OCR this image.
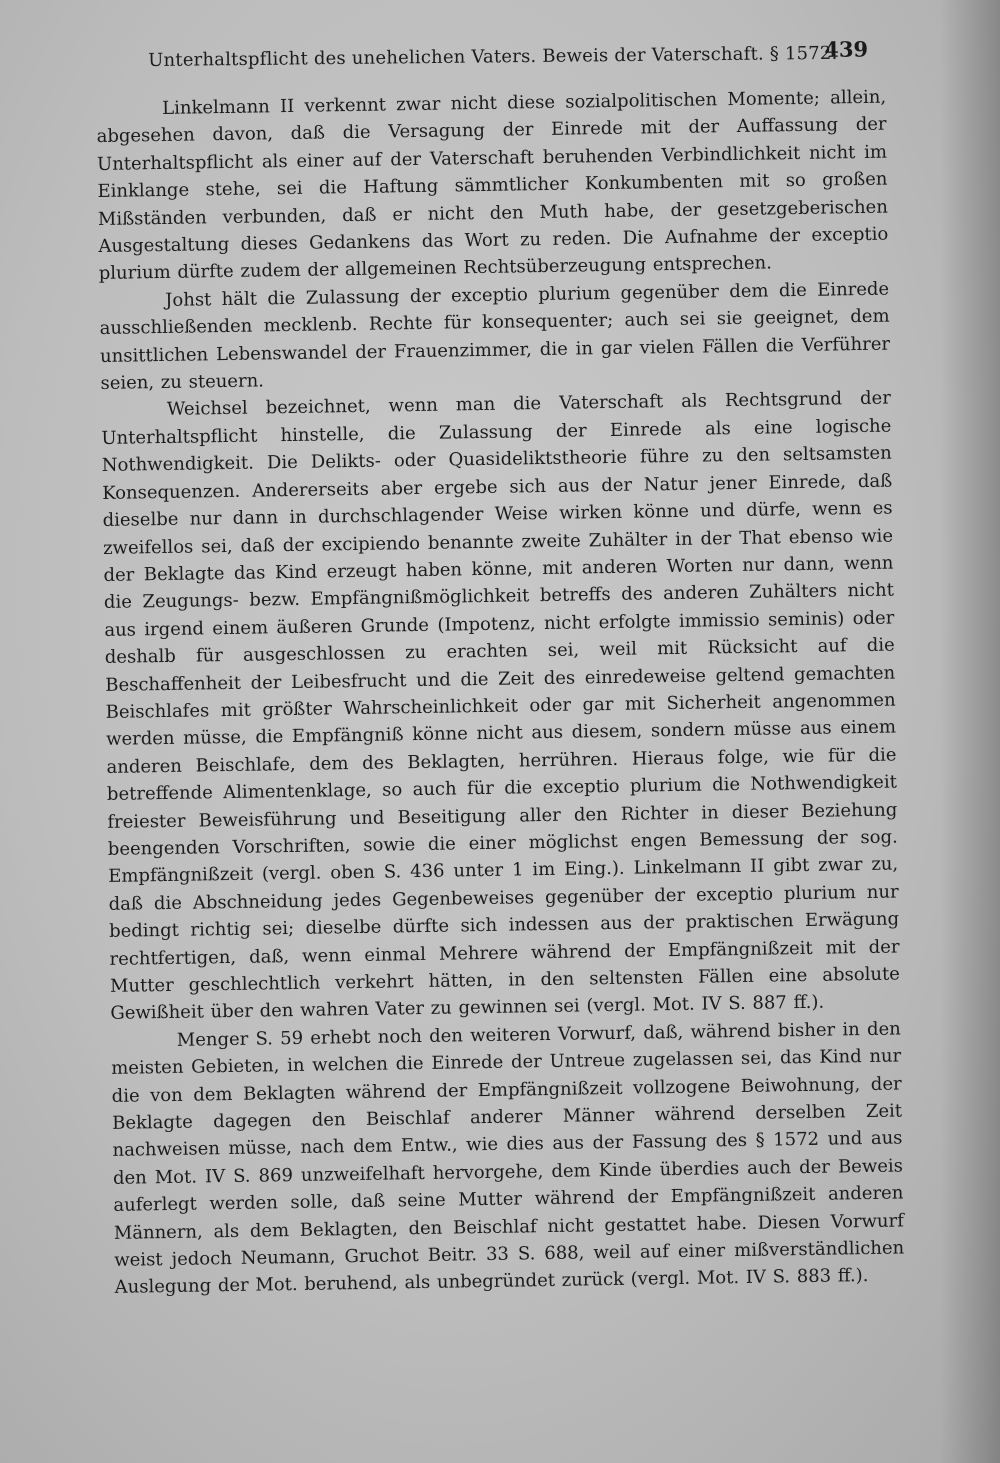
Unterhaltspflicht des unehelichen Vaters. Beweis der Vaterschaft. § 1572.
439

Linkelmann II verkennt zwar nicht diese sozialpolitischen Momente; allein, abgesehen davon, daß die Versagung der Einrede mit der Auffassung der Unterhaltspflicht als einer auf der Vaterschaft beruhenden Verbindlichkeit nicht im Einklange stehe, sei die Haftung sämmtlicher Konkumbenten mit so großen Mißständen verbunden, daß er nicht den Muth habe, der gesetzgeberischen Ausgestaltung dieses Gedankens das Wort zu reden. Die Aufnahme der exceptio plurium dürfte zudem der allgemeinen Rechtsüberzeugung entsprechen.

Johst hält die Zulassung der exceptio plurium gegenüber dem die Einrede ausschließenden mecklenb. Rechte für konsequenter; auch sei sie geeignet, dem unsittlichen Lebenswandel der Frauenzimmer, die in gar vielen Fällen die Verführer seien, zu steuern.

Weichsel bezeichnet, wenn man die Vaterschaft als Rechtsgrund der Unterhaltspflicht hinstelle, die Zulassung der Einrede als eine logische Nothwendigkeit. Die Delikts- oder Quasideliktstheorie führe zu den seltsamsten Konsequenzen. Andererseits aber ergebe sich aus der Natur jener Einrede, daß dieselbe nur dann in durchschlagender Weise wirken könne und dürfe, wenn es zweifellos sei, daß der excipiendo benannte zweite Zuhälter in der That ebenso wie der Beklagte das Kind erzeugt haben könne, mit anderen Worten nur dann, wenn die Zeugungs- bezw. Empfängnißmöglichkeit betreffs des anderen Zuhälters nicht aus irgend einem äußeren Grunde (Impotenz, nicht erfolgte immissio seminis) oder deshalb für ausgeschlossen zu erachten sei, weil mit Rücksicht auf die Beschaffenheit der Leibesfrucht und die Zeit des einredeweise geltend gemachten Beischlafes mit größter Wahrscheinlichkeit oder gar mit Sicherheit angenommen werden müsse, die Empfängniß könne nicht aus diesem, sondern müsse aus einem anderen Beischlafe, dem des Beklagten, herrühren. Hieraus folge, wie für die betreffende Alimentenklage, so auch für die exceptio plurium die Nothwendigkeit freiester Beweisführung und Beseitigung aller den Richter in dieser Beziehung beengenden Vorschriften, sowie die einer möglichst engen Bemessung der sog. Empfängnißzeit (vergl. oben S. 436 unter 1 im Eing.). Linkelmann II gibt zwar zu, daß die Abschneidung jedes Gegenbeweises gegenüber der exceptio plurium nur bedingt richtig sei; dieselbe dürfte sich indessen aus der praktischen Erwägung rechtfertigen, daß, wenn einmal Mehrere während der Empfängnißzeit mit der Mutter geschlechtlich verkehrt hätten, in den seltensten Fällen eine absolute Gewißheit über den wahren Vater zu gewinnen sei (vergl. Mot. IV S. 887 ff.).

Menger S. 59 erhebt noch den weiteren Vorwurf, daß, während bisher in den meisten Gebieten, in welchen die Einrede der Untreue zugelassen sei, das Kind nur die von dem Beklagten während der Empfängnißzeit vollzogene Beiwohnung, der Beklagte dagegen den Beischlaf anderer Männer während derselben Zeit nachweisen müsse, nach dem Entw., wie dies aus der Fassung des § 1572 und aus den Mot. IV S. 869 unzweifelhaft hervorgehe, dem Kinde überdies auch der Beweis auferlegt werden solle, daß seine Mutter während der Empfängnißzeit anderen Männern, als dem Beklagten, den Beischlaf nicht gestattet habe. Diesen Vorwurf weist jedoch Neumann, Gruchot Beitr. 33 S. 688, weil auf einer mißverständlichen Auslegung der Mot. beruhend, als unbegründet zurück (vergl. Mot. IV S. 883 ff.).
